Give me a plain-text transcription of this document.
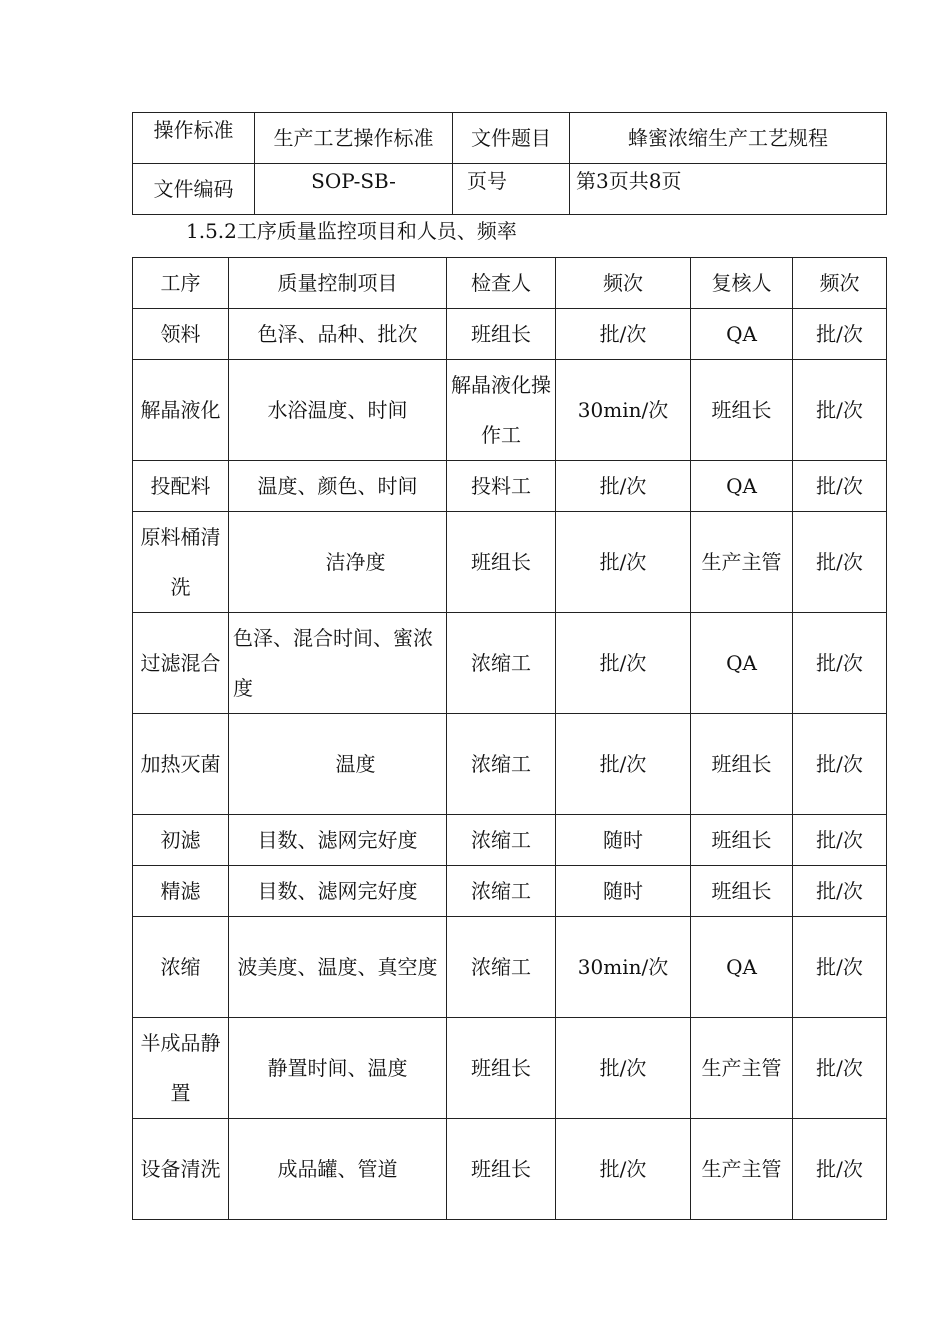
操作标准	生产工艺操作标准	文件题目	蜂蜜浓缩生产工艺规程
文件编码	SOP-SB-	页号	第3页共8页

1.5.2工序质量监控项目和人员、频率

工序	质量控制项目	检查人	频次	复核人	频次
领料	色泽、品种、批次	班组长	批/次	QA	批/次
解晶液化	水浴温度、时间	解晶液化操作工	30min/次	班组长	批/次
投配料	温度、颜色、时间	投料工	批/次	QA	批/次
原料桶清洗	洁净度	班组长	批/次	生产主管	批/次
过滤混合	色泽、混合时间、蜜浓度	浓缩工	批/次	QA	批/次
加热灭菌	温度	浓缩工	批/次	班组长	批/次
初滤	目数、滤网完好度	浓缩工	随时	班组长	批/次
精滤	目数、滤网完好度	浓缩工	随时	班组长	批/次
浓缩	波美度、温度、真空度	浓缩工	30min/次	QA	批/次
半成品静置	静置时间、温度	班组长	批/次	生产主管	批/次
设备清洗	成品罐、管道	班组长	批/次	生产主管	批/次
